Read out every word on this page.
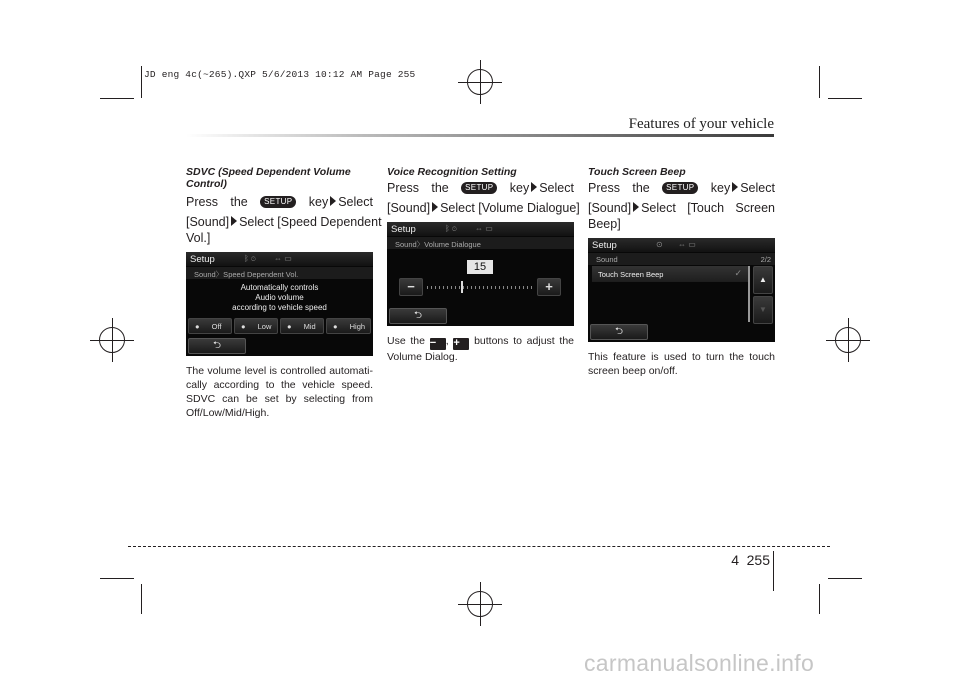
JD eng 4c(~265).QXP 5/6/2013 10:12 AM Page 255
Features of your vehicle
SDVC (Speed Dependent Volume Control)
Press the SETUP key Select
[Sound] Select [Speed Dependent
Vol.]
Setup	ᛒ ⊙ ⇔ ▭
Sound〉Speed Dependent Vol.
Automatically controls
Audio volume
according to vehicle speed
● Off	● Low	● Mid	● High
⮌
The volume level is controlled automati-cally according to the vehicle speed. SDVC can be set by selecting from Off/Low/Mid/High.
Voice Recognition Setting
Press the SETUP key Select
[Sound] Select [Volume Dialogue]
Setup	ᛒ ⊙ ⇔ ▭
Sound〉Volume Dialogue
15
−	+
⮌
Use the − , + buttons to adjust the
Volume Dialog.
Touch Screen Beep
Press the SETUP key Select
[Sound] Select [Touch Screen
Beep]
Setup	⊙ ⇔ ▭
Sound	2/2
Touch Screen Beep	✓
▲
▼
⮌
This feature is used to turn the touch screen beep on/off.
4 255
carmanualsonline.info
